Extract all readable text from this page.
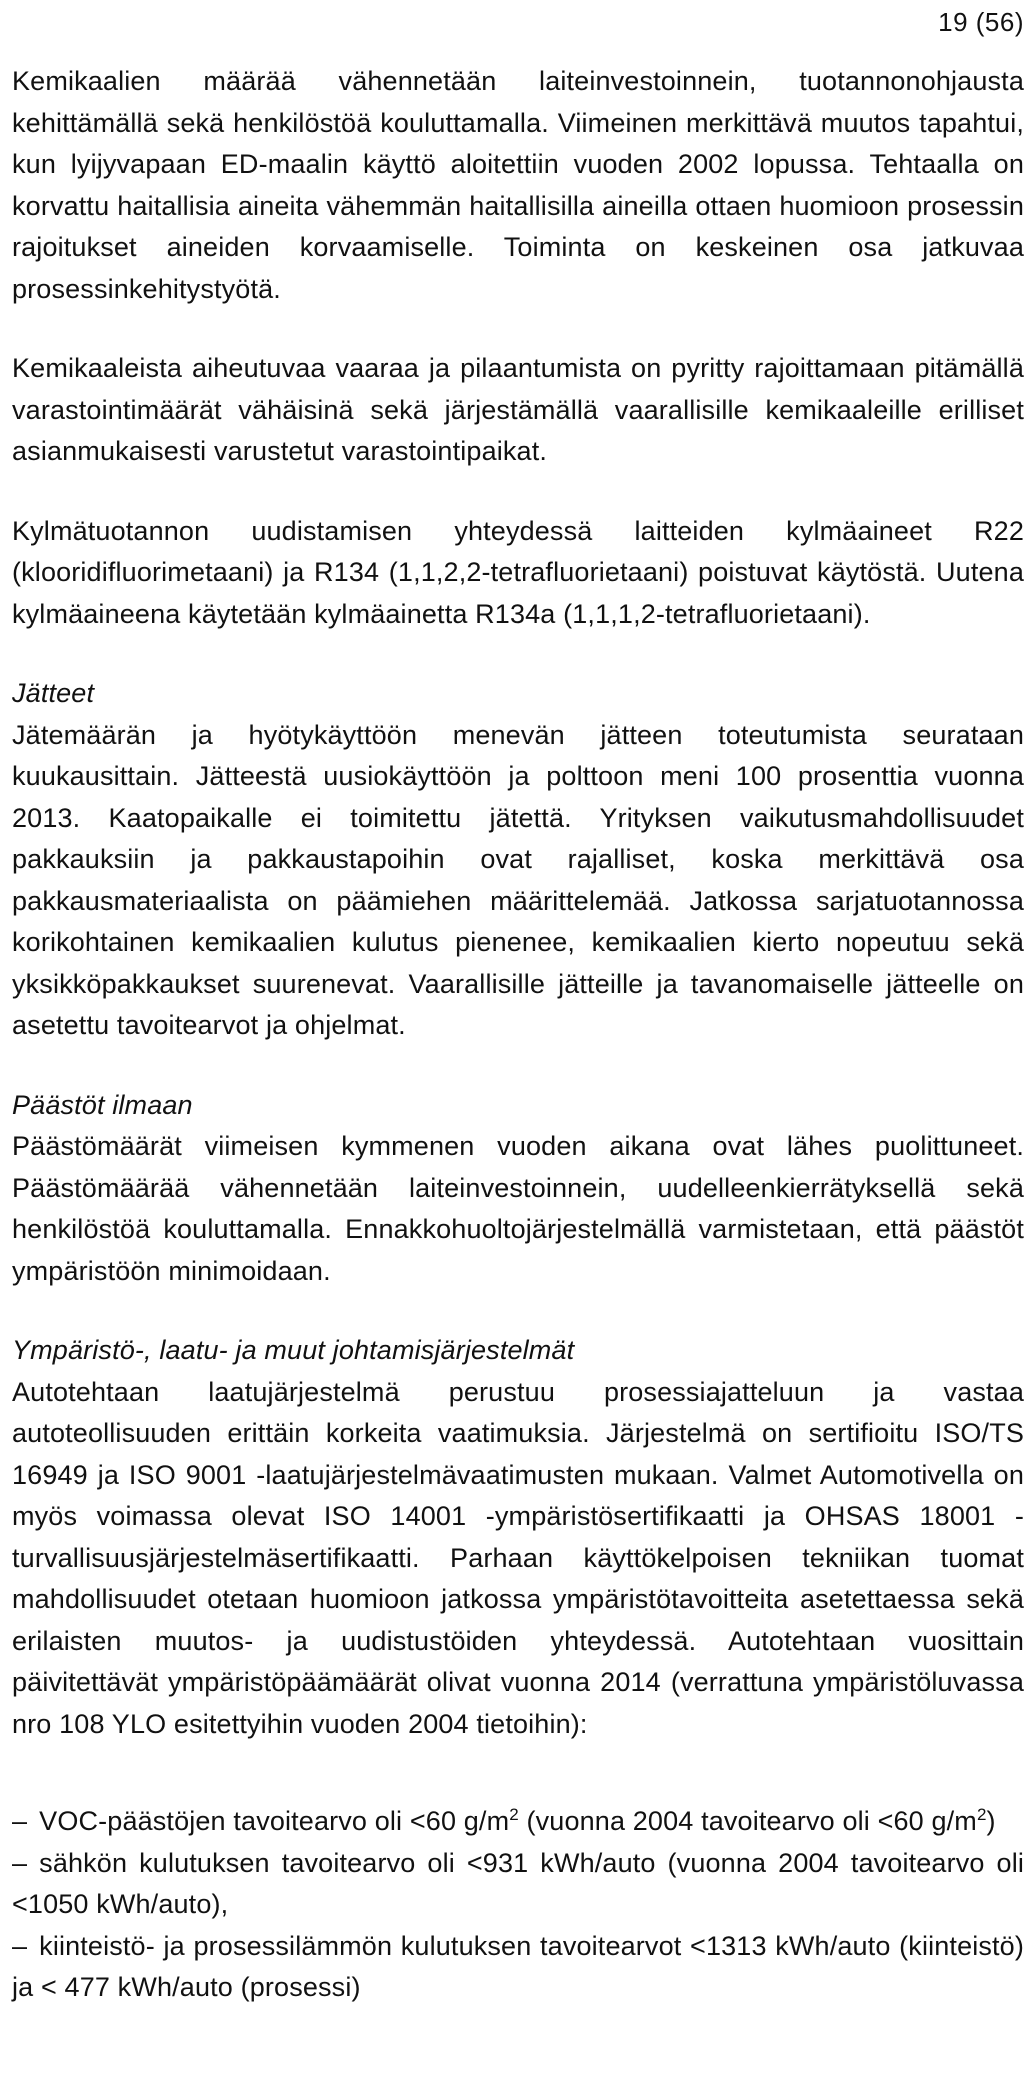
19 (56)

Kemikaalien määrää vähennetään laiteinvestoinnein, tuotannonohjausta kehittämällä sekä henkilöstöä kouluttamalla. Viimeinen merkittävä muutos tapahtui, kun lyijyvapaan ED-maalin käyttö aloitettiin vuoden 2002 lopussa. Tehtaalla on korvattu haitallisia aineita vähemmän haitallisilla aineilla ottaen huomioon prosessin rajoitukset aineiden korvaamiselle. Toiminta on keskeinen osa jatkuvaa prosessinkehitystyötä.

Kemikaaleista aiheutuvaa vaaraa ja pilaantumista on pyritty rajoittamaan pitämällä varastointimäärät vähäisinä sekä järjestämällä vaarallisille kemikaaleille erilliset asianmukaisesti varustetut varastointipaikat.

Kylmätuotannon uudistamisen yhteydessä laitteiden kylmäaineet R22 (klooridifluorimetaani) ja R134 (1,1,2,2-tetrafluorietaani) poistuvat käytöstä. Uutena kylmäaineena käytetään kylmäainetta R134a (1,1,1,2-tetrafluorietaani).

Jätteet

Jätemäärän ja hyötykäyttöön menevän jätteen toteutumista seurataan kuukausittain. Jätteestä uusiokäyttöön ja polttoon meni 100 prosenttia vuonna 2013. Kaatopaikalle ei toimitettu jätettä. Yrityksen vaikutusmahdollisuudet pakkauksiin ja pakkaustapoihin ovat rajalliset, koska merkittävä osa pakkausmateriaalista on päämiehen määrittelemää. Jatkossa sarjatuotannossa korikohtainen kemikaalien kulutus pienenee, kemikaalien kierto nopeutuu sekä yksikköpakkaukset suurenevat. Vaarallisille jätteille ja tavanomaiselle jätteelle on asetettu tavoitearvot ja ohjelmat.

Päästöt ilmaan

Päästömäärät viimeisen kymmenen vuoden aikana ovat lähes puolittuneet. Päästömäärää vähennetään laiteinvestoinnein, uudelleenkierrätyksellä sekä henkilöstöä kouluttamalla. Ennakkohuoltojärjestelmällä varmistetaan, että päästöt ympäristöön minimoidaan.

Ympäristö-, laatu- ja muut johtamisjärjestelmät

Autotehtaan laatujärjestelmä perustuu prosessiajatteluun ja vastaa autoteollisuuden erittäin korkeita vaatimuksia. Järjestelmä on sertifioitu ISO/TS 16949 ja ISO 9001 -laatujärjestelmävaatimusten mukaan. Valmet Automotivella on myös voimassa olevat ISO 14001 -ympäristösertifikaatti ja OHSAS 18001 -turvallisuusjärjestelmäsertifikaatti. Parhaan käyttökelpoisen tekniikan tuomat mahdollisuudet otetaan huomioon jatkossa ympäristötavoitteita asetettaessa sekä erilaisten muutos- ja uudistustöiden yhteydessä. Autotehtaan vuosittain päivitettävät ympäristöpäämäärät olivat vuonna 2014 (verrattuna ympäristöluvassa nro 108 YLO esitettyihin vuoden 2004 tietoihin):

– VOC-päästöjen tavoitearvo oli <60 $g/m^2$ (vuonna 2004 tavoitearvo oli <60 $g/m^2$)
– sähkön kulutuksen tavoitearvo oli <931 kWh/auto (vuonna 2004 tavoitearvo oli <1050 kWh/auto),
– kiinteistö- ja prosessilämmön kulutuksen tavoitearvot <1313 kWh/auto (kiinteistö) ja < 477 kWh/auto (prosessi)
